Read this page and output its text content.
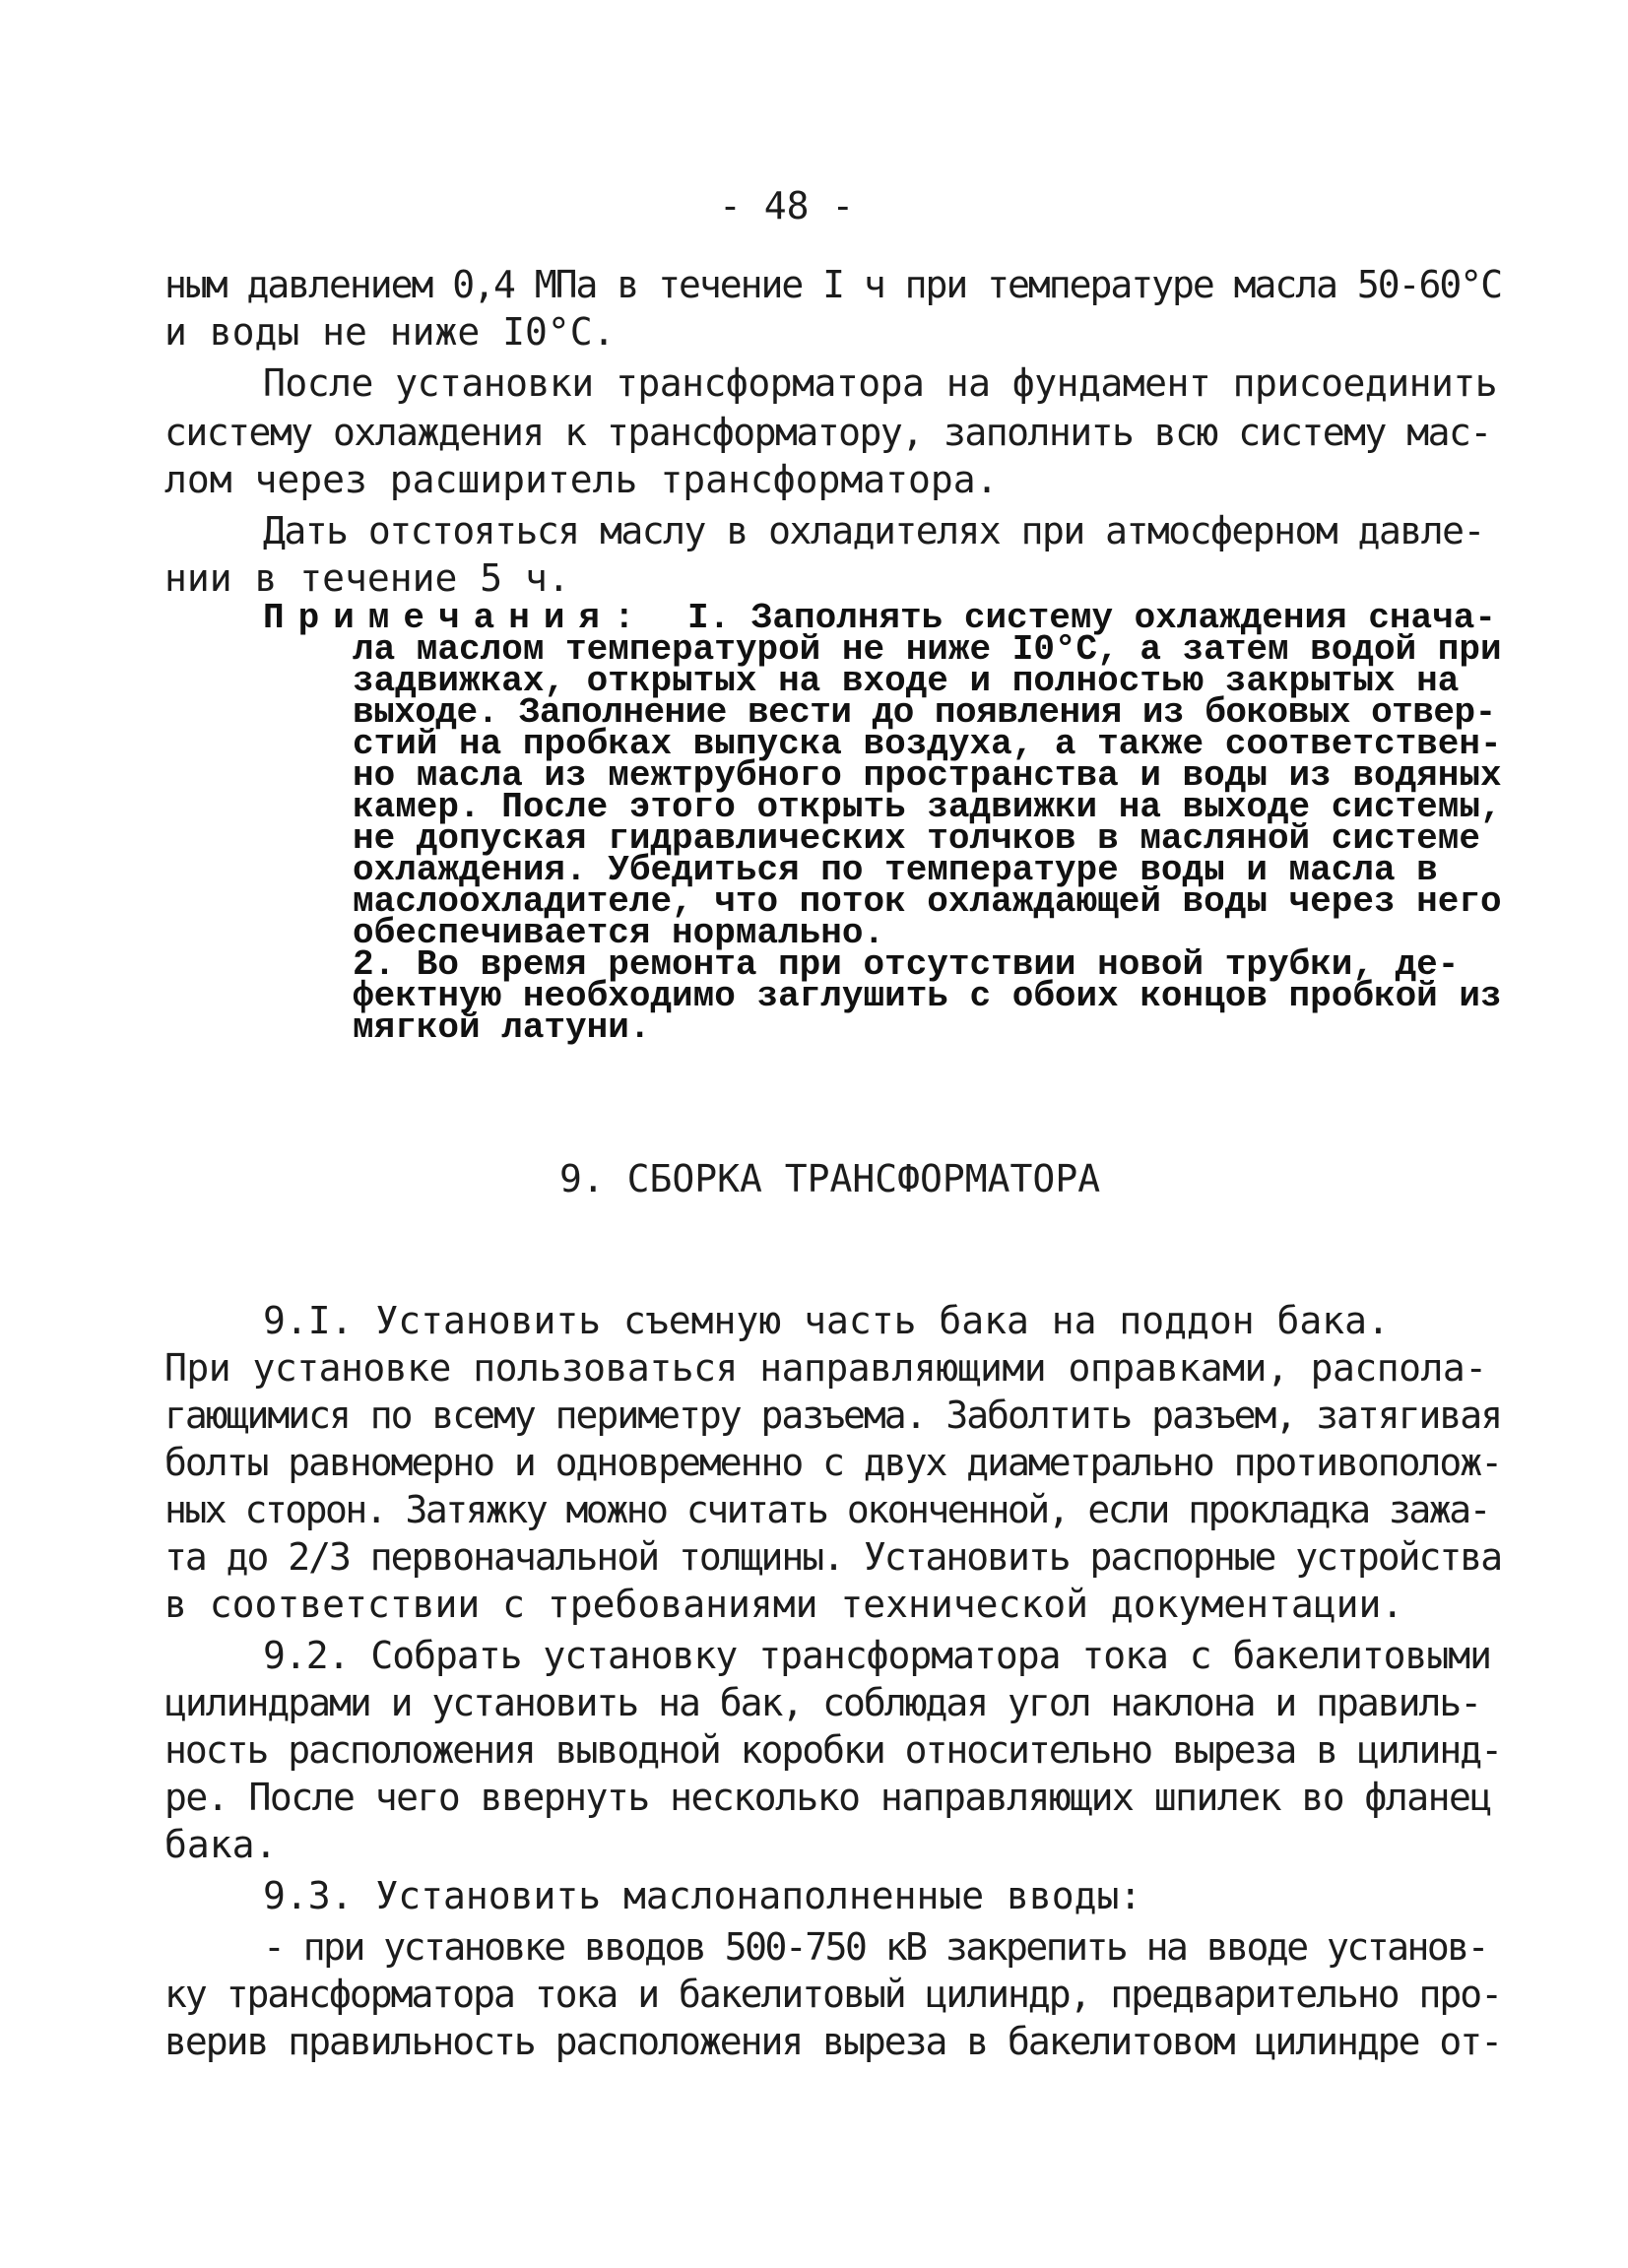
- 48 -
ным давлением 0,4 МПа в течение I ч при температуре масла 50-60°С
и воды не ниже I0°С.
После установки трансформатора на фундамент присоединить
систему охлаждения к трансформатору, заполнить всю систему мас-
лом через расширитель трансформатора.
Дать отстояться маслу в охладителях при атмосферном давле-
нии в течение 5 ч.
Примечания: I. Заполнять систему охлаждения снача-
ла маслом температурой не ниже I0°С, а затем водой при
задвижках, открытых на входе и полностью закрытых на
выходе. Заполнение вести до появления из боковых отвер-
стий на пробках выпуска воздуха, а также соответствен-
но масла из межтрубного пространства и воды из водяных
камер. После этого открыть задвижки на выходе системы,
не допуская гидравлических толчков в масляной системе
охлаждения. Убедиться по температуре воды и масла в
маслоохладителе, что поток охлаждающей воды через него
обеспечивается нормально.
2. Во время ремонта при отсутствии новой трубки, де-
фектную необходимо заглушить с обоих концов пробкой из
мягкой латуни.
9. СБОРКА ТРАНСФОРМАТОРА
9.I. Установить съемную часть бака на поддон бака.
При установке пользоваться направляющими оправками, распола-
гающимися по всему периметру разъема. Заболтить разъем, затягивая
болты равномерно и одновременно с двух диаметрально противополож-
ных сторон. Затяжку можно считать оконченной, если прокладка зажа-
та до 2/3 первоначальной толщины. Установить распорные устройства
в соответствии с требованиями технической документации.
9.2. Собрать установку трансформатора тока с бакелитовыми
цилиндрами и установить на бак, соблюдая угол наклона и правиль-
ность расположения выводной коробки относительно выреза в цилинд-
ре. После чего ввернуть несколько направляющих шпилек во фланец
бака.
9.3. Установить маслонаполненные вводы:
- при установке вводов 500-750 кВ закрепить на вводе установ-
ку трансформатора тока и бакелитовый цилиндр, предварительно про-
верив правильность расположения выреза в бакелитовом цилиндре от-
